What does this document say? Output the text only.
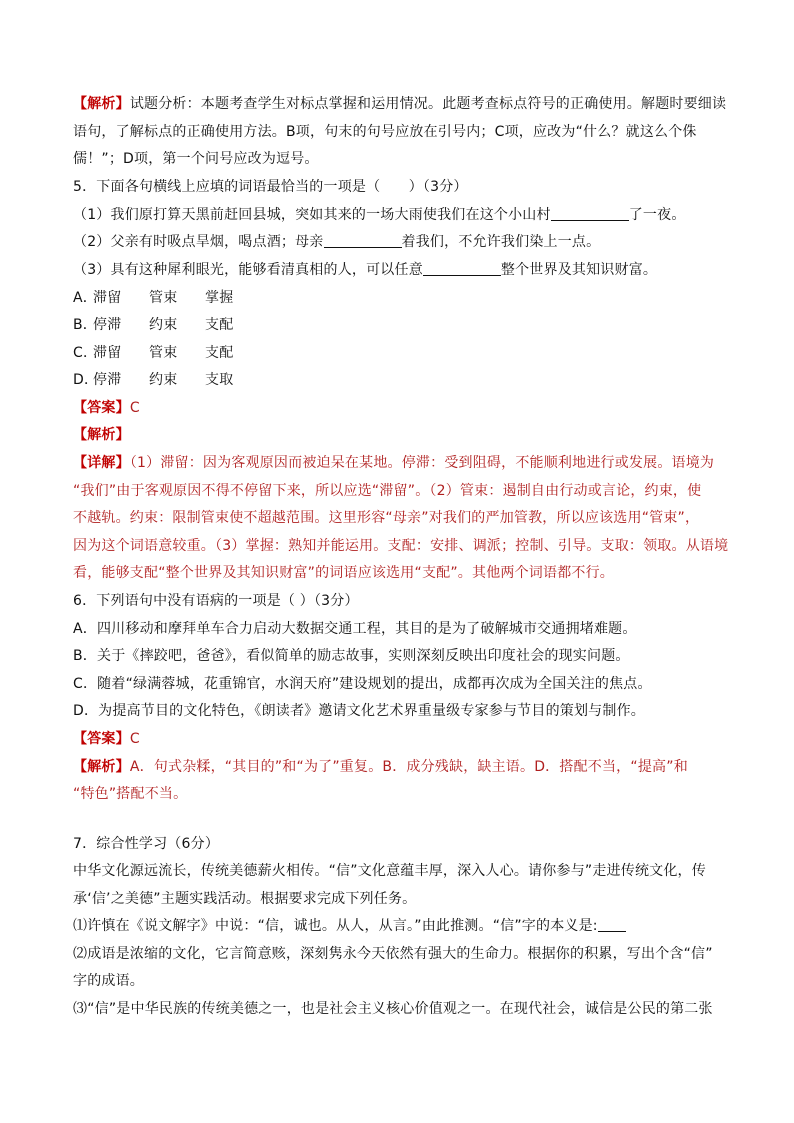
【解析】试题分析：本题考查学生对标点掌握和运用情况。此题考查标点符号的正确使用。解题时要细读
语句，了解标点的正确使用方法。B项，句末的句号应放在引号内；C项，应改为“什么？就这么个侏
儒！”；D项，第一个问号应改为逗号。
5．下面各句横线上应填的词语最恰当的一项是（　　）（3分）
（1）我们原打算天黑前赶回县城，突如其来的一场大雨使我们在这个小山村	了一夜。
（2）父亲有时吸点旱烟，喝点酒；母亲	着我们，不允许我们染上一点。
（3）具有这种犀利眼光，能够看清真相的人，可以任意	整个世界及其知识财富。
A．滞留 管束 掌握
B．停滞 约束 支配
C．滞留 管束 支配
D．停滞 约束 支取
【答案】C
【解析】
【详解】（1）滞留：因为客观原因而被迫呆在某地。停滞：受到阻碍，不能顺利地进行或发展。语境为
“我们”由于客观原因不得不停留下来，所以应选“滞留”。（2）管束：遏制自由行动或言论，约束，使
不越轨。约束：限制管束使不超越范围。这里形容“母亲”对我们的严加管教，所以应该选用“管束”，
因为这个词语意较重。（3）掌握：熟知并能运用。支配：安排、调派；控制、引导。支取：领取。从语境
看，能够支配“整个世界及其知识财富”的词语应该选用“支配”。其他两个词语都不行。
6．下列语句中没有语病的一项是（ ）（3分）
A．四川移动和摩拜单车合力启动大数据交通工程，其目的是为了破解城市交通拥堵难题。
B．关于《摔跤吧，爸爸》，看似简单的励志故事，实则深刻反映出印度社会的现实问题。
C．随着“绿满蓉城，花重锦官，水润天府”建设规划的提出，成都再次成为全国关注的焦点。
D．为提高节目的文化特色，《朗读者》邀请文化艺术界重量级专家参与节目的策划与制作。
【答案】C
【解析】A．句式杂糅，“其目的”和“为了”重复。B．成分残缺，缺主语。D．搭配不当，“提高”和
“特色”搭配不当。
7．综合性学习（6分）
中华文化源远流长，传统美德薪火相传。“信”文化意蕴丰厚，深入人心。请你参与”走进传统文化，传
承‘信’之美德”主题实践活动。根据要求完成下列任务。
⑴许慎在《说文解字》中说：“信，诚也。从人，从言。”由此推测。“信”字的本义是:
⑵成语是浓缩的文化，它言简意赅，深刻隽永今天依然有强大的生命力。根据你的积累，写出个含“信”
字的成语。
⑶“信”是中华民族的传统美德之一，也是社会主义核心价值观之一。在现代社会，诚信是公民的第二张
